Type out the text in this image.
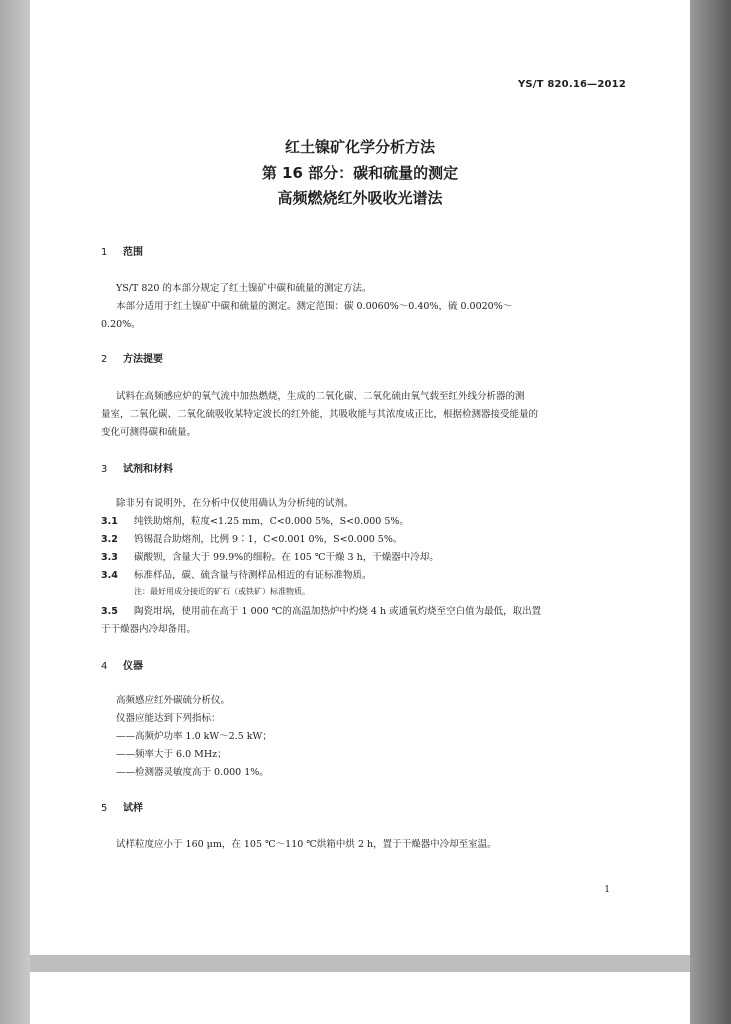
YS/T 820.16—2012
红土镍矿化学分析方法
第 16 部分：碳和硫量的测定
高频燃烧红外吸收光谱法
1 范围
YS/T 820 的本部分规定了红土镍矿中碳和硫量的测定方法。
本部分适用于红土镍矿中碳和硫量的测定。测定范围：碳 0.0060%～0.40%，硫 0.0020%～
0.20%。
2 方法提要
试料在高频感应炉的氧气流中加热燃烧，生成的二氧化碳、二氧化硫由氧气载至红外线分析器的测
量室，二氧化碳、二氧化硫吸收某特定波长的红外能，其吸收能与其浓度成正比，根据检测器接受能量的
变化可测得碳和硫量。
3 试剂和材料
除非另有说明外，在分析中仅使用确认为分析纯的试剂。
3.1 纯铁助熔剂，粒度<1.25 mm，C<0.000 5%，S<0.000 5%。
3.2 钨锡混合助熔剂，比例 9∶1，C<0.001 0%，S<0.000 5%。
3.3 碳酸钡，含量大于 99.9%的细粉。在 105 ℃干燥 3 h，干燥器中冷却。
3.4 标准样品，碳、硫含量与待测样品相近的有证标准物质。
注：最好用成分接近的矿石（或铁矿）标准物质。
3.5 陶瓷坩埚，使用前在高于 1 000 ℃的高温加热炉中灼烧 4 h 或通氧灼烧至空白值为最低，取出置
于干燥器内冷却备用。
4 仪器
高频感应红外碳硫分析仪。
仪器应能达到下列指标：
——高频炉功率 1.0 kW～2.5 kW；
——频率大于 6.0 MHz；
——检测器灵敏度高于 0.000 1%。
5 试样
试样粒度应小于 160 μm，在 105 ℃～110 ℃烘箱中烘 2 h，置于干燥器中冷却至室温。
1
